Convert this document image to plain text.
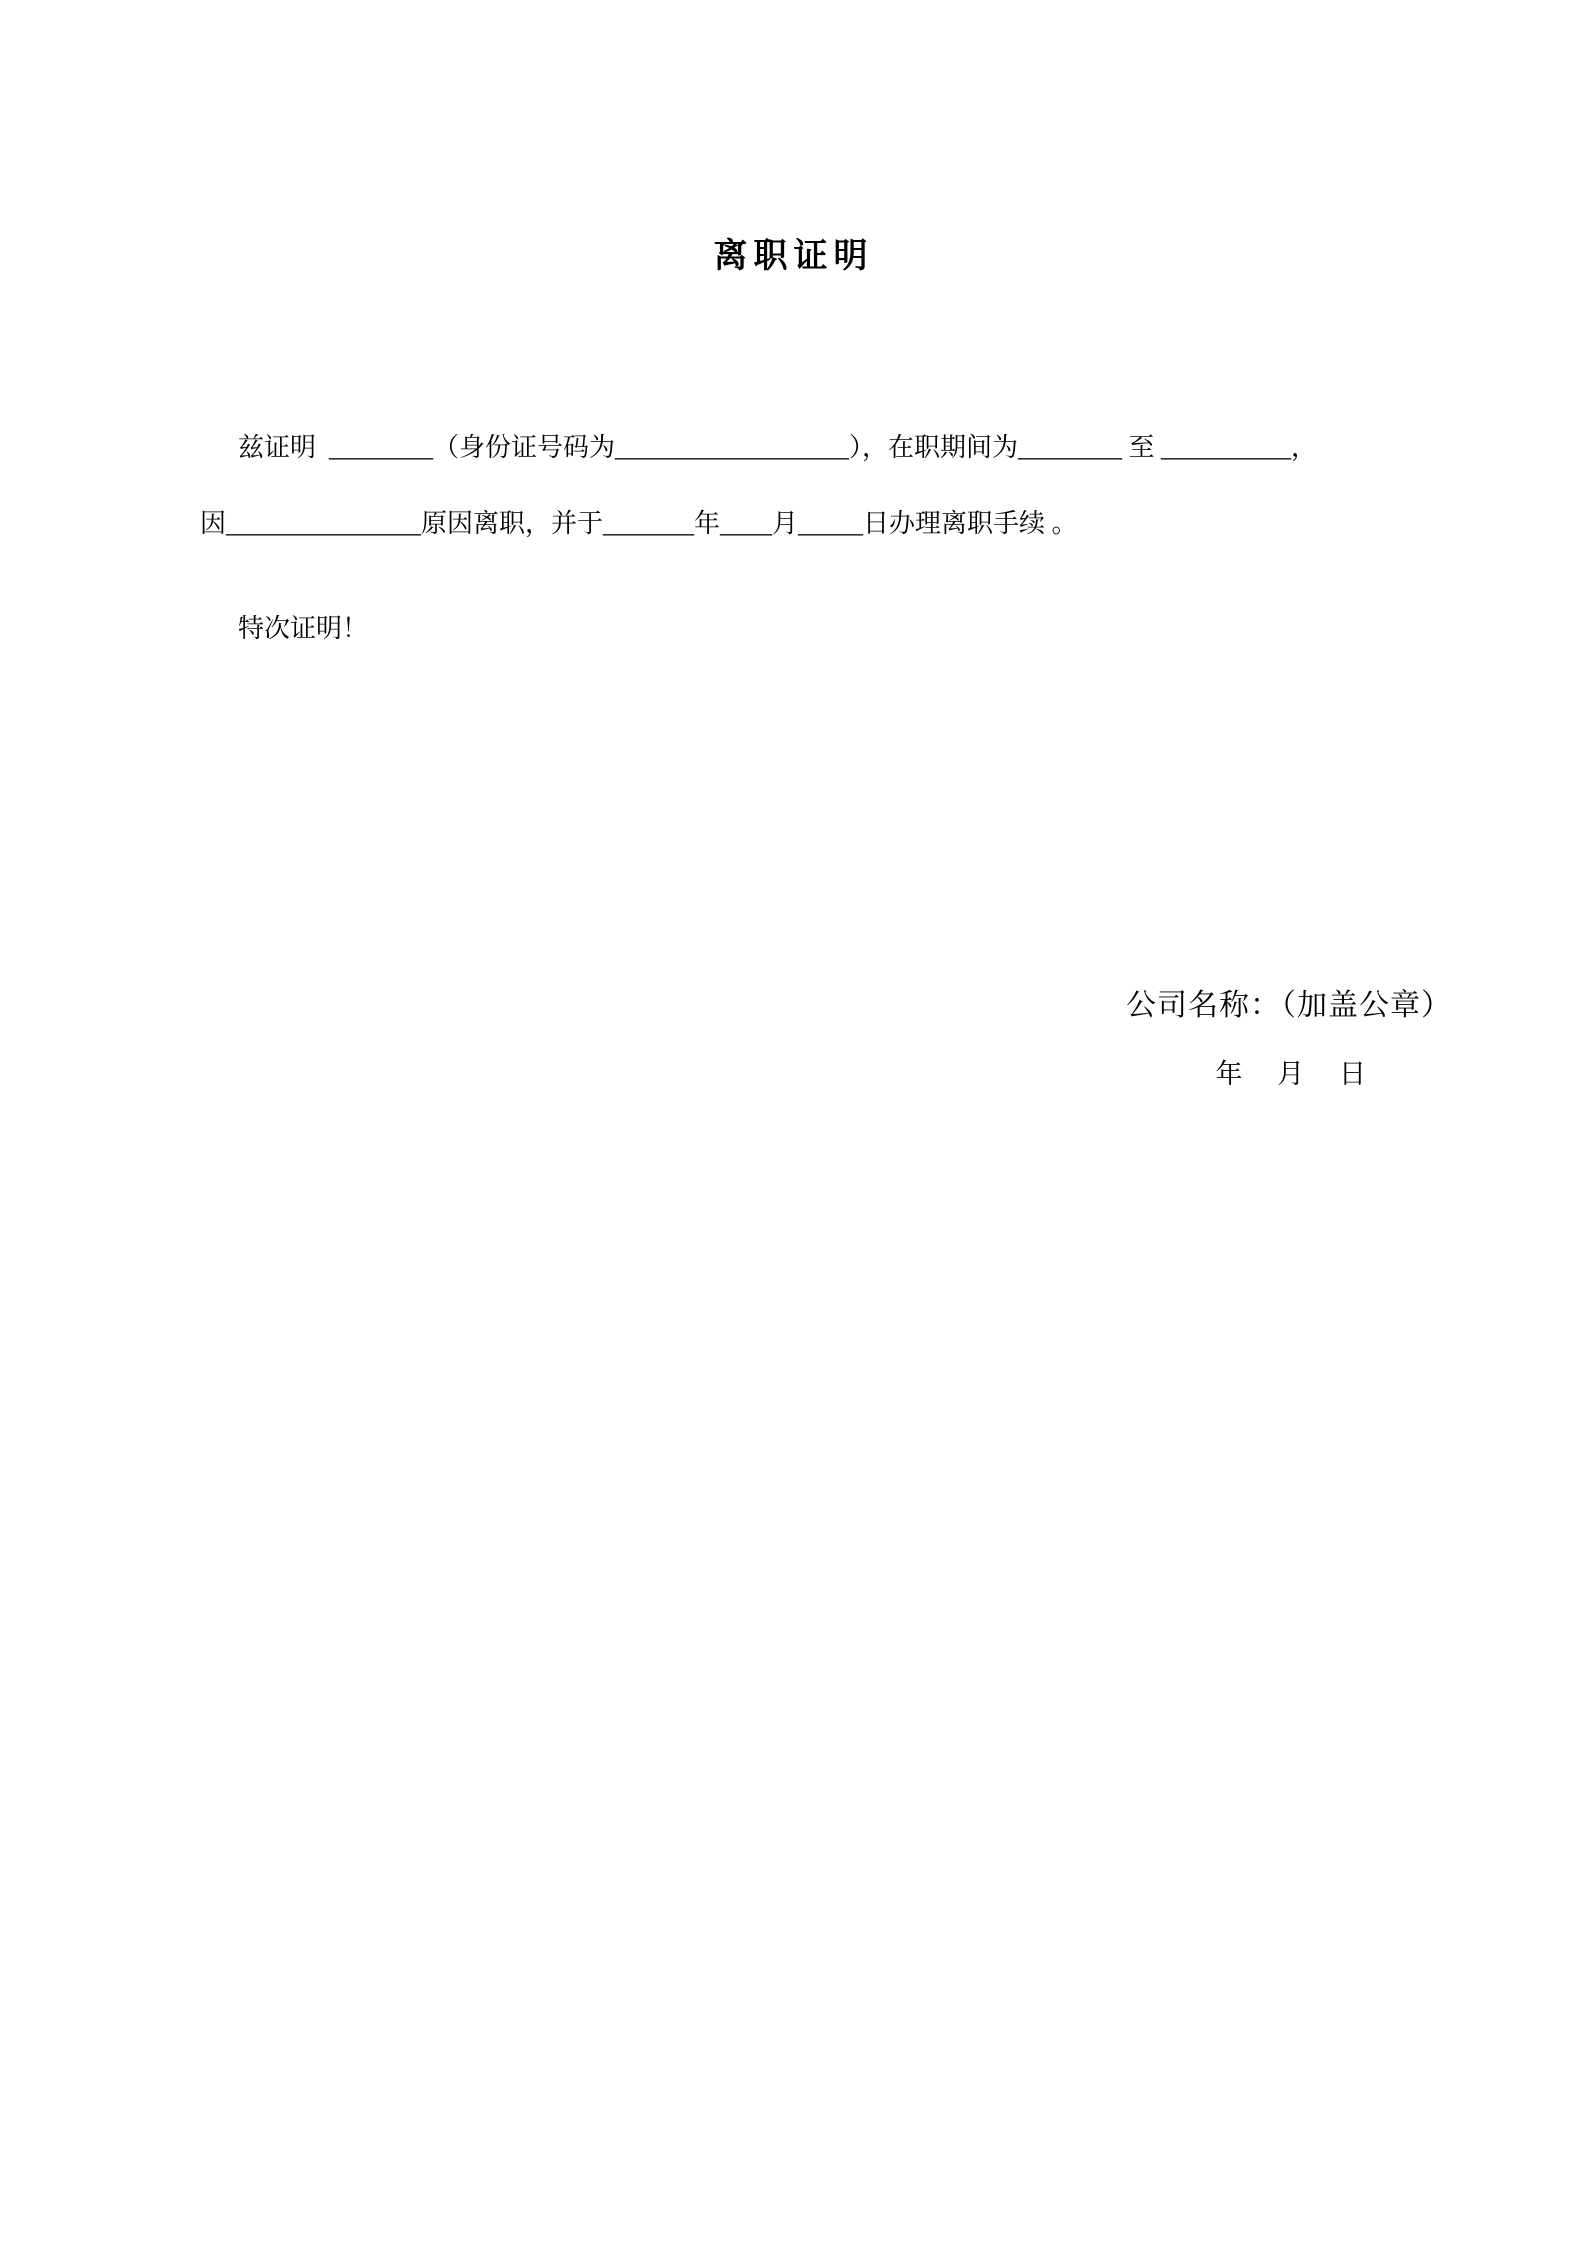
离职证明
兹证明  ________（身份证号码为__________________），在职期间为________ 至 __________，
因_______________原因离职，并于_______年____月_____日办理离职手续 。
特次证明！
公司名称：（加盖公章）
年 月 日
